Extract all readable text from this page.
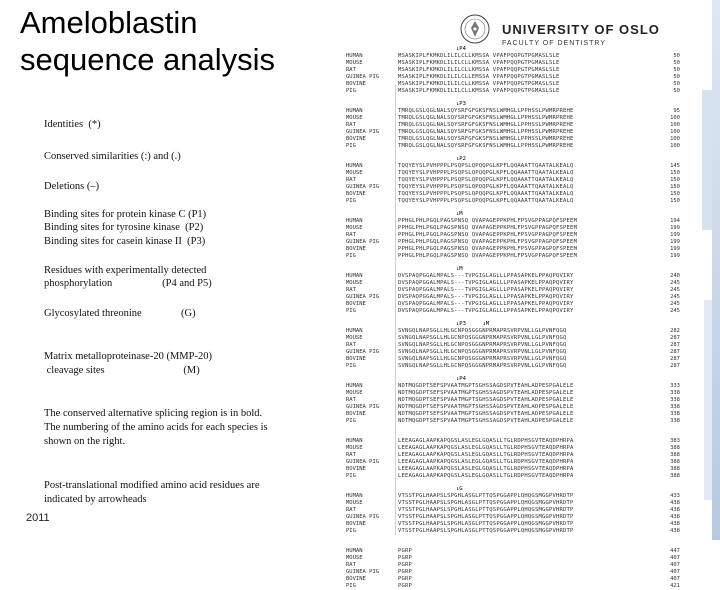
Ameloblastin
sequence analysis
UNIVERSITY OF OSLO
FACULTY OF DENTISTRY
Identities  (*)
Conserved similarities (:) and (.)
Deletions (–)
Binding sites for protein kinase C (P1)
Binding sites for tyrosine kinase  (P2)
Binding sites for casein kinase II  (P3)
Residues with experimentally detected
phosphorylation                   (P4 and P5)
Glycosylated threonine               (G)
Matrix metalloproteinase-20 (MMP-20)
cleavage sites                              (M)
The conserved alternative splicing region is in bold.
The numbering of the amino acids for each species is
shown on the right.
Post-translational modified amino acid residues are
indicated by arrowheads
2011
↓P4
HUMAN	MSASKIPLFKMKDLILILCLLKMSSA VPAFPQQPGTPGMASLSLE	50
MOUSE	MSASKIPLFKMKDLILILCLLKMSSA VPAFPQQPGTPGMASLSLE	50
RAT	MSASKIPLFKMKDLILILCLLKMSSA VPAFPQQPGTPGMASLSLE	50
GUINEA PIG	MSASKIPLFKMKDLILILCLLEMSSA VPAFPQQPGTPGMASLSLE	50
BOVINE	MSASKIPLFKMKDLILILCLLKMSSA VPAFPQQPGTPGMASLSLE	50
PIG	MSASKIPLFKMKDLILILCLLKMSSA VPAFPQQPGTPGMASLSLE	50
↓P3
HUMAN	TMRQLGSLQGLNALSQYSRFGFGKSFNSLWMHGLLPPHSSLPWMRPREHE	95
MOUSE	TMRQLGSLQGLNALSQYSRFGFGKSFNSLWMHGLLPPHSSLPWMRPREHE	100
RAT	TMRQLGSLQGLNALSQYSRFGFGKSFNSLWMHGLLPPHSSLPWMRPREHE	100
GUINEA PIG	TMRQLGSLQGLNALSQYSRFGFGKSFNSLWMHGLLPPHSSLPWMRPREHE	100
BOVINE	TMRQLGSLQGLNALSQYSRFGFGKSFNSLWMHGLLPPHSSLPWMRPREHE	100
PIG	TMRQLGSLQGLNALSQYSRFGFGKSFNSLWMHGLLPPHSSLPWMRPREHE	100
↓P2
HUMAN	TQQYEYSLPVHPPPLPSQPSLQPQQPGLKPFLQQAAATTQAATALKEALQ	145
MOUSE	TQQYEYSLPVHPPPLPSQPSLQPQQPGLKPFLQQAAATTQAATALKEALQ	150
RAT	TQQYEYSLPVHPPPLPSQPSLQPQQPGLKPFLQQAAATTQAATALKEALQ	150
GUINEA PIG	TQQYEYSLPVHPPPLPSQPSLQPQQPGLKPFLQQAAATTQAATALKEALQ	150
BOVINE	TQQYEYSLPVHPPPLPSQPSLQPQQPGLKPFLQQAAATTQAATALKEALQ	150
PIG	TQQYEYSLPVHPPPLPSQPSLQPQQPGLKPFLQQAAATTQAATALKEALQ	150
↓M
HUMAN	PPHGLPHLPGQLPAGSPNSQ QVAPAGEPPKPHLFPSVGPPAGPQFSPEEM	194
MOUSE	PPHGLPHLPGQLPAGSPNSQ QVAPAGEPPKPHLFPSVGPPAGPQFSPEEM	199
RAT	PPHGLPHLPGQLPAGSPNSQ QVAPAGEPPKPHLFPSVGPPAGPQFSPEEM	199
GUINEA PIG	PPHGLPHLPGQLPAGSPNSQ QVAPAGEPPKPHLFPSVGPPAGPQFSPEEM	199
BOVINE	PPHGLPHLPGQLPAGSPNSQ QVAPAGEPPKPHLFPSVGPPAGPQFSPEEM	199
PIG	PPHGLPHLPGQLPAGSPNSQ QVAPAGEPPKPHLFPSVGPPAGPQFSPEEM	199
↓M
HUMAN	DVSPAQPGGALMPALS---TVPGIGLAGLLLPPASAPKELPPAQPQVIRY	240
MOUSE	DVSPAQPGGALMPALS---TVPGIGLAGLLLPPASAPKELPPAQPQVIRY	245
RAT	DVSPAQPGGALMPALS---TVPGIGLAGLLLPPASAPKELPPAQPQVIRY	245
GUINEA PIG	DVSPAQPGGALMPALS---TVPGIGLAGLLLPPASAPKELPPAQPQVIRY	245
BOVINE	DVSPAQPGGALMPALS---TVPGIGLAGLLLPPASAPKELPPAQPQVIRY	245
PIG	DVSPAQPGGALMPALS---TVPGIGLAGLLLPPASAPKELPPAQPQVIRY	245
↓P3     ↓M
HUMAN	SVNGQLNAPSGLLHLGCNPQSGGGNPRMAPRSVRPVNLLGLPVNFQGQ	282
MOUSE	SVNGQLNAPSGLLHLGCNPQSGGGNPRMAPRSVRPVNLLGLPVNFQGQ	287
RAT	SVNGQLNAPSGLLHLGCNPQSGGGNPRMAPRSVRPVNLLGLPVNFQGQ	287
GUINEA PIG	SVNGQLNAPSGLLHLGCNPQSGGGNPRMAPRSVRPVNLLGLPVNFQGQ	287
BOVINE	SVNGQLNAPSGLLHLGCNPQSGGGNPRMAPRSVRPVNLLGLPVNFQGQ	287
PIG	SVNGQLNAPSGLLHLGCNPQSGGGNPRMAPRSVRPVNLLGLPVNFQGQ	287
↓P4
HUMAN	NDTMQGDPTSEFSPVAATMGPTSGHSSAGDSPVTEAHLADPESPGALELE	333
MOUSE	NDTMQGDPTSEFSPVAATMGPTSGHSSAGDSPVTEAHLADPESPGALELE	338
RAT	NDTMQGDPTSEFSPVAATMGPTSGHSSAGDSPVTEAHLADPESPGALELE	338
GUINEA PIG	NDTMQGDPTSEFSPVAATMGPTSGHSSAGDSPVTEAHLADPESPGALELE	338
BOVINE	NDTMQGDPTSEFSPVAATMGPTSGHSSAGDSPVTEAHLADPESPGALELE	338
PIG	NDTMQGDPTSEFSPVAATMGPTSGHSSAGDSPVTEAHLADPESPGALELE	338
HUMAN	LEEAGAGLAAPKAPQGSLASLEGLGQASLLTGLRDPHSGVTEAQDPHRPA	383
MOUSE	LEEAGAGLAAPKAPQGSLASLEGLGQASLLTGLRDPHSGVTEAQDPHRPA	388
RAT	LEEAGAGLAAPKAPQGSLASLEGLGQASLLTGLRDPHSGVTEAQDPHRPA	388
GUINEA PIG	LEEAGAGLAAPKAPQGSLASLEGLGQASLLTGLRDPHSGVTEAQDPHRPA	388
BOVINE	LEEAGAGLAAPKAPQGSLASLEGLGQASLLTGLRDPHSGVTEAQDPHRPA	388
PIG	LEEAGAGLAAPKAPQGSLASLEGLGQASLLTGLRDPHSGVTEAQDPHRPA	388
↓G
HUMAN	VTSSTPGLHAAPSLSPGHLASGLPTTQSPGGAPPLQHQGSMGGPVHRDTP	433
MOUSE	VTSSTPGLHAAPSLSPGHLASGLPTTQSPGGAPPLQHQGSMGGPVHRDTP	438
RAT	VTSSTPGLHAAPSLSPGHLASGLPTTQSPGGAPPLQHQGSMGGPVHRDTP	438
GUINEA PIG	VTSSTPGLHAAPSLSPGHLASGLPTTQSPGGAPPLQHQGSMGGPVHRDTP	438
BOVINE	VTSSTPGLHAAPSLSPGHLASGLPTTQSPGGAPPLQHQGSMGGPVHRDTP	438
PIG	VTSSTPGLHAAPSLSPGHLASGLPTTQSPGGAPPLQHQGSMGGPVHRDTP	438
HUMAN	PGRP	447
MOUSE	PGRP	407
RAT	PGRP	407
GUINEA PIG	PGRP	407
BOVINE	PGRP	407
PIG	PGRP	421
